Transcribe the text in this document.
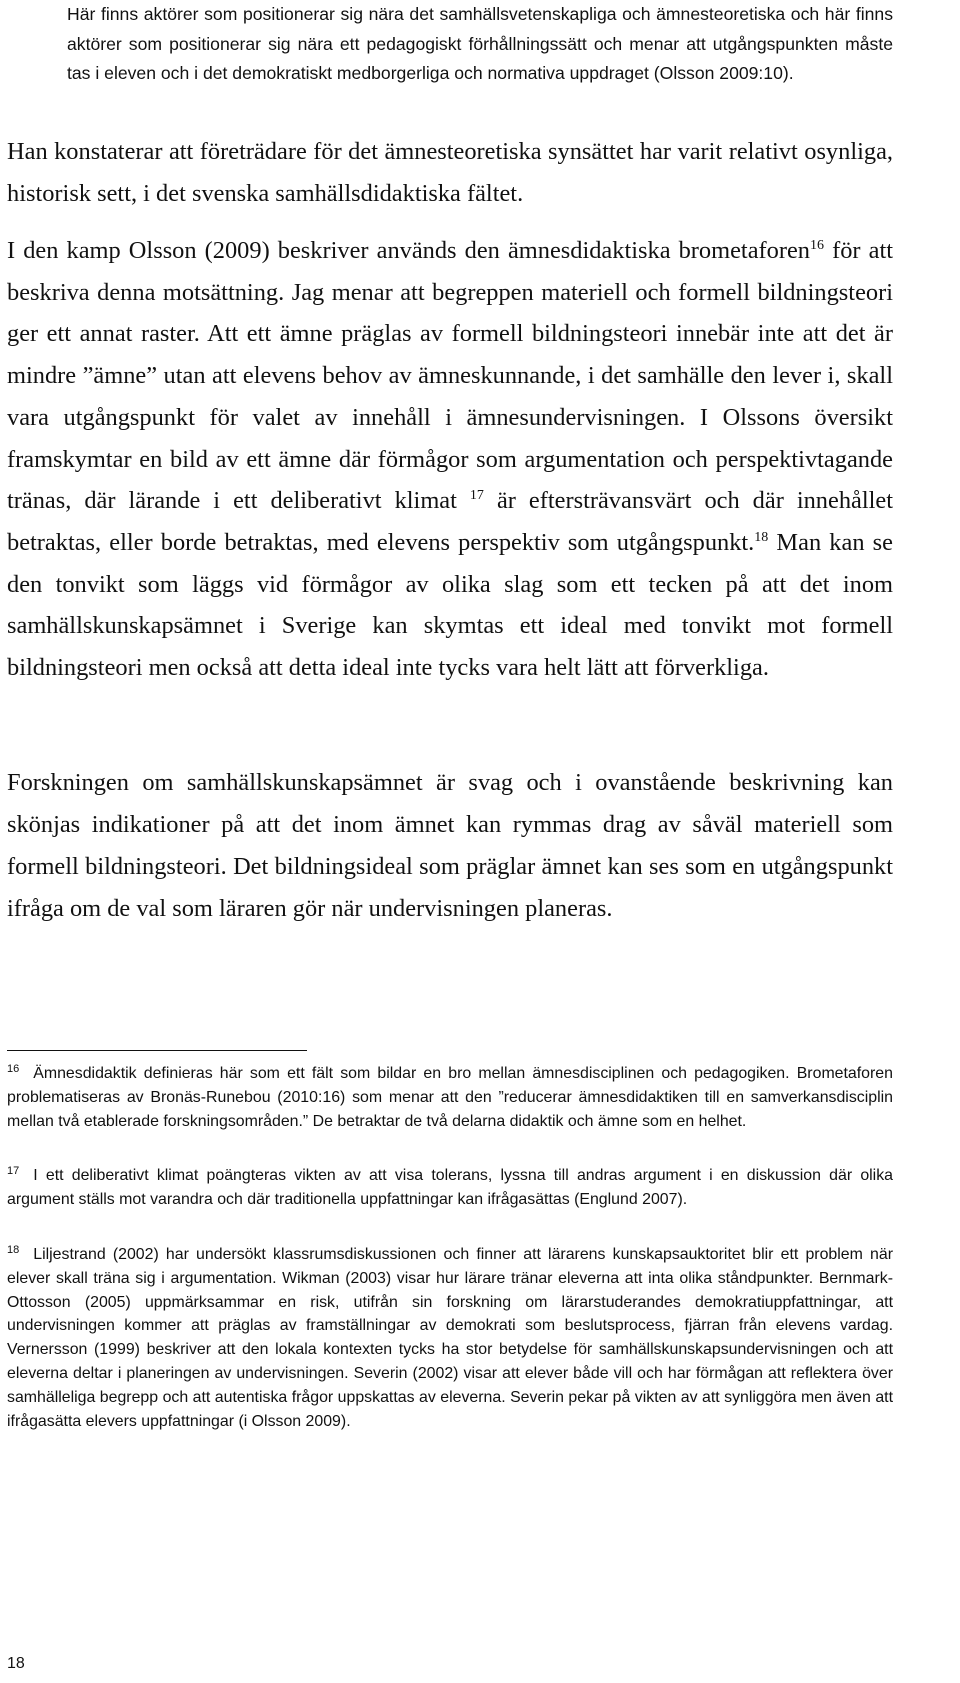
Här finns aktörer som positionerar sig nära det samhällsvetenskapliga och ämnesteoretiska och här finns aktörer som positionerar sig nära ett pedagogiskt förhållningssätt och menar att utgångspunkten måste tas i eleven och i det demokratiskt medborgerliga och normativa uppdraget (Olsson 2009:10).

Han konstaterar att företrädare för det ämnesteoretiska synsättet har varit relativt osynliga, historisk sett, i det svenska samhällsdidaktiska fältet.

I den kamp Olsson (2009) beskriver används den ämnesdidaktiska brometaforen$^{16}$ för att beskriva denna motsättning. Jag menar att begreppen materiell och formell bildningsteori ger ett annat raster. Att ett ämne präglas av formell bildningsteori innebär inte att det är mindre ”ämne” utan att elevens behov av ämneskunnande, i det samhälle den lever i, skall vara utgångspunkt för valet av innehåll i ämnesundervisningen. I Olssons översikt framskymtar en bild av ett ämne där förmågor som argumentation och perspektivtagande tränas, där lärande i ett deliberativt klimat $^{17}$ är eftersträvansvärt och där innehållet betraktas, eller borde betraktas, med elevens perspektiv som utgångspunkt.$^{18}$ Man kan se den tonvikt som läggs vid förmågor av olika slag som ett tecken på att det inom samhällskunskapsämnet i Sverige kan skymtas ett ideal med tonvikt mot formell bildningsteori men också att detta ideal inte tycks vara helt lätt att förverkliga.

Forskningen om samhällskunskapsämnet är svag och i ovanstående beskrivning kan skönjas indikationer på att det inom ämnet kan rymmas drag av såväl materiell som formell bildningsteori. Det bildningsideal som präglar ämnet kan ses som en utgångspunkt ifråga om de val som läraren gör när undervisningen planeras.

$^{16}$ Ämnesdidaktik definieras här som ett fält som bildar en bro mellan ämnesdisciplinen och pedagogiken. Brometaforen problematiseras av Bronäs-Runebou (2010:16) som menar att den ”reducerar ämnesdidaktiken till en samverkansdisciplin mellan två etablerade forskningsområden.” De betraktar de två delarna didaktik och ämne som en helhet.

$^{17}$ I ett deliberativt klimat poängteras vikten av att visa tolerans, lyssna till andras argument i en diskussion där olika argument ställs mot varandra och där traditionella uppfattningar kan ifrågasättas (Englund 2007).

$^{18}$ Liljestrand (2002) har undersökt klassrumsdiskussionen och finner att lärarens kunskapsauktoritet blir ett problem när elever skall träna sig i argumentation. Wikman (2003) visar hur lärare tränar eleverna att inta olika ståndpunkter. Bernmark-Ottosson (2005) uppmärksammar en risk, utifrån sin forskning om lärarstuderandes demokratiuppfattningar, att undervisningen kommer att präglas av framställningar av demokrati som beslutsprocess, fjärran från elevens vardag. Vernersson (1999) beskriver att den lokala kontexten tycks ha stor betydelse för samhällskunskapsundervisningen och att eleverna deltar i planeringen av undervisningen. Severin (2002) visar att elever både vill och har förmågan att reflektera över samhälleliga begrepp och att autentiska frågor uppskattas av eleverna. Severin pekar på vikten av att synliggöra men även att ifrågasätta elevers uppfattningar (i Olsson 2009).

18
